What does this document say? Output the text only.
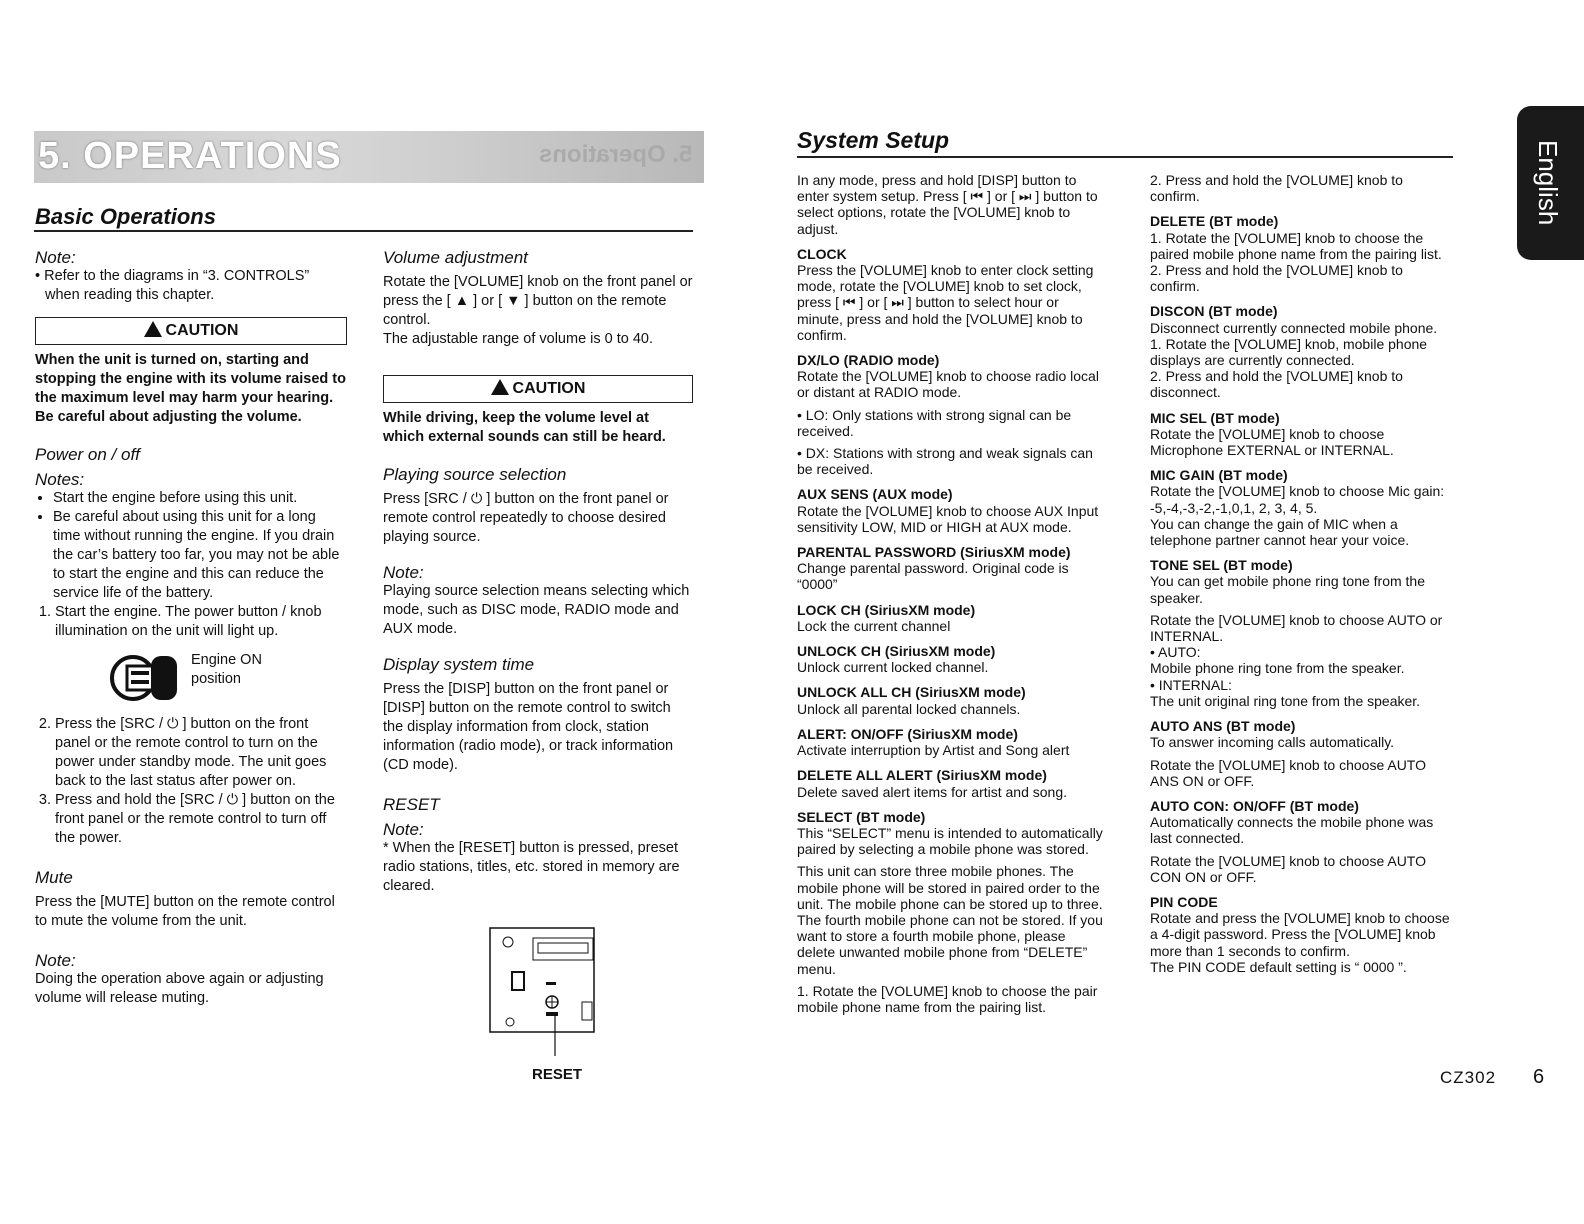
5. OPERATIONS	5. Operations
Basic Operations

Note:

• Refer to the diagrams in “3. CONTROLS” when reading this chapter.

CAUTION

When the unit is turned on, starting and stopping the engine with its volume raised to the maximum level may harm your hearing.

Be careful about adjusting the volume.

Power on / off

Notes:

• Start the engine before using this unit.
• Be careful about using this unit for a long time without running the engine. If you drain the car’s battery too far, you may not be able to start the engine and this can reduce the service life of the battery.
1. Start the engine. The power button / knob illumination on the unit will light up.
Engine ON
position
2. Press the [SRC / ⏻ ] button on the front panel or the remote control to turn on the power under standby mode. The unit goes back to the last status after power on.
3. Press and hold the [SRC / ⏻ ] button on the front panel or the remote control to turn off the power.

Mute

Press the [MUTE] button on the remote control to mute the volume from the unit.

Note:

Doing the operation above again or adjusting volume will release muting.

Volume adjustment

Rotate the [VOLUME] knob on the front panel or press the [ ▲ ] or [ ▼ ] button on the remote control.

The adjustable range of volume is 0 to 40.

CAUTION

While driving, keep the volume level at which external sounds can still be heard.

Playing source selection

Press [SRC / ⏻ ] button on the front panel or remote control repeatedly to choose desired playing source.

Note:

Playing source selection means selecting which mode, such as DISC mode, RADIO mode and AUX mode.

Display system time

Press the [DISP] button on the front panel or [DISP] button on the remote control to switch the display information from clock, station information (radio mode), or track information (CD mode).

RESET

Note:

* When the [RESET] button is pressed, preset radio stations, titles, etc. stored in memory are cleared.

RESET
System Setup

In any mode, press and hold [DISP] button to enter system setup. Press [ ⏮ ] or [ ⏭ ] button to select options, rotate the [VOLUME] knob to adjust.

CLOCK

Press the [VOLUME] knob to enter clock setting mode, rotate the [VOLUME] knob to set clock, press [ ⏮ ] or [ ⏭ ] button to select hour or minute, press and hold the [VOLUME] knob to confirm.

DX/LO (RADIO mode)

Rotate the [VOLUME] knob to choose radio local or distant at RADIO mode.

• LO: Only stations with strong signal can be received.

• DX: Stations with strong and weak signals can be received.

AUX SENS (AUX mode)

Rotate the [VOLUME] knob to choose AUX Input sensitivity LOW, MID or HIGH at AUX mode.

PARENTAL PASSWORD (SiriusXM mode)

Change parental password. Original code is “0000”

LOCK CH (SiriusXM mode)

Lock the current channel

UNLOCK CH (SiriusXM mode)

Unlock current locked channel.

UNLOCK ALL CH (SiriusXM mode)

Unlock all parental locked channels.

ALERT: ON/OFF (SiriusXM mode)

Activate interruption by Artist and Song alert

DELETE ALL ALERT (SiriusXM mode)

Delete saved alert items for artist and song.

SELECT (BT mode)

This “SELECT” menu is intended to automatically paired by selecting a mobile phone was stored.

This unit can store three mobile phones. The mobile phone will be stored in paired order to the unit. The mobile phone can be stored up to three. The fourth mobile phone can not be stored. If you want to store a fourth mobile phone, please delete unwanted mobile phone from “DELETE” menu.

1. Rotate the [VOLUME] knob to choose the pair mobile phone name from the pairing list.

2. Press and hold the [VOLUME] knob to confirm.

DELETE (BT mode)

1. Rotate the [VOLUME] knob to choose the paired mobile phone name from the pairing list.
2. Press and hold the [VOLUME] knob to confirm.

DISCON (BT mode)

Disconnect currently connected mobile phone.
1. Rotate the [VOLUME] knob, mobile phone displays are currently connected.
2. Press and hold the [VOLUME] knob to disconnect.

MIC SEL (BT mode)

Rotate the [VOLUME] knob to choose Microphone EXTERNAL or INTERNAL.

MIC GAIN (BT mode)

Rotate the [VOLUME] knob to choose Mic gain: -5,-4,-3,-2,-1,0,1, 2, 3, 4, 5.
You can change the gain of MIC when a telephone partner cannot hear your voice.

TONE SEL (BT mode)

You can get mobile phone ring tone from the speaker.

Rotate the [VOLUME] knob to choose AUTO or INTERNAL.
• AUTO:
Mobile phone ring tone from the speaker.
• INTERNAL:
The unit original ring tone from the speaker.

AUTO ANS (BT mode)

To answer incoming calls automatically.

Rotate the [VOLUME] knob to choose AUTO ANS ON or OFF.

AUTO CON: ON/OFF (BT mode)

Automatically connects the mobile phone was last connected.

Rotate the [VOLUME] knob to choose AUTO CON ON or OFF.

PIN CODE

Rotate and press the [VOLUME] knob to choose a 4-digit password. Press the [VOLUME] knob more than 1 seconds to confirm.
The PIN CODE default setting is “ 0000 ”.

English
CZ302 6
